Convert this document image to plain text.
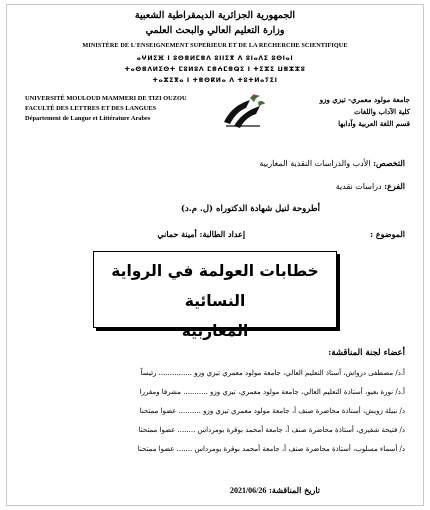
الجمهورية الجزائرية الديمقراطية الشعبية
وزارة التعليم العالي والبحث العلمي
MINISTÈRE DE L'ENSEIGNEMENT SUPERIEUR ET DE LA RECHERCHE SCIENTIFIQUE
ⴰⵖⵍⵉⴼ ⵏ ⵓⵙⴻⵍⵎⴻⴷ ⵓⵏⵏⵉⴳ ⴷ ⵓⵏⴰⴷⵉ ⵓⵙⵏⴰⵏ
ⵜⴰⵙⴻⴷⵍⵉⵙⵜ ⵎⵓⵍⵓⴷ ⵎⴻⵄⵎⴻⵕⵉ ⵏ ⵜⵉⵣⵉ ⵡⴻⵣⵣⵓ
ⵜⴰⵣⵉⴳⴰ ⵏ ⵜⴻⵙⴽⵍⴰ ⴷ ⵜⵓⵜⵍⴰⵢⵉⵏ
UNIVERSITÉ MOULOUD MAMMERI DE TIZI OUZOU
FACULTÉ DES LETTRES ET DES LANGUES
Département de Langue et Littérature Arabes
جامعة مولود معمري- تيزي وزو
كلية الآداب واللغات
قسم اللغة العربية وآدابها
التخصص: الأدب والدراسات النقدية المغاربية
الفرع: دراسات نقدية
أطروحة لنيل شهادة الدكتوراه (ل. م.د)
الموضوع :  إعداد الطالبة: أمينة حماني
خطابات العولمة في الرواية النسائية
المغاربية
أعضاء لجنة المناقشة:
أ.د/ مصطفى درواش، أستاذ التعليم العالي، جامعة مولود معمري تيزي وزو ............... رئيساً
أ.د/ نورة بعيو، أستاذة التعليم العالي، جامعة مولود معمري، تيزي وزو ........... مشرفا ومقررا
د/ نبيلة زويش، أستاذة محاضرة صنف أ، جامعة مولود معمري تيزي وزو .......... عضوا ممتحنا
د/ فتيحة شفيري، أستاذة محاضرة صنف أ، جامعة أمحمد بوقرة بومرداس ........ عضوا ممتحنا
د/ أسماء مسلوب، أستاذة محاضرة صنف أ، جامعة أمحمد بوقرة بومرداس ....... عضوا ممتحنا
تاريخ المناقشة: 2021/06/26
